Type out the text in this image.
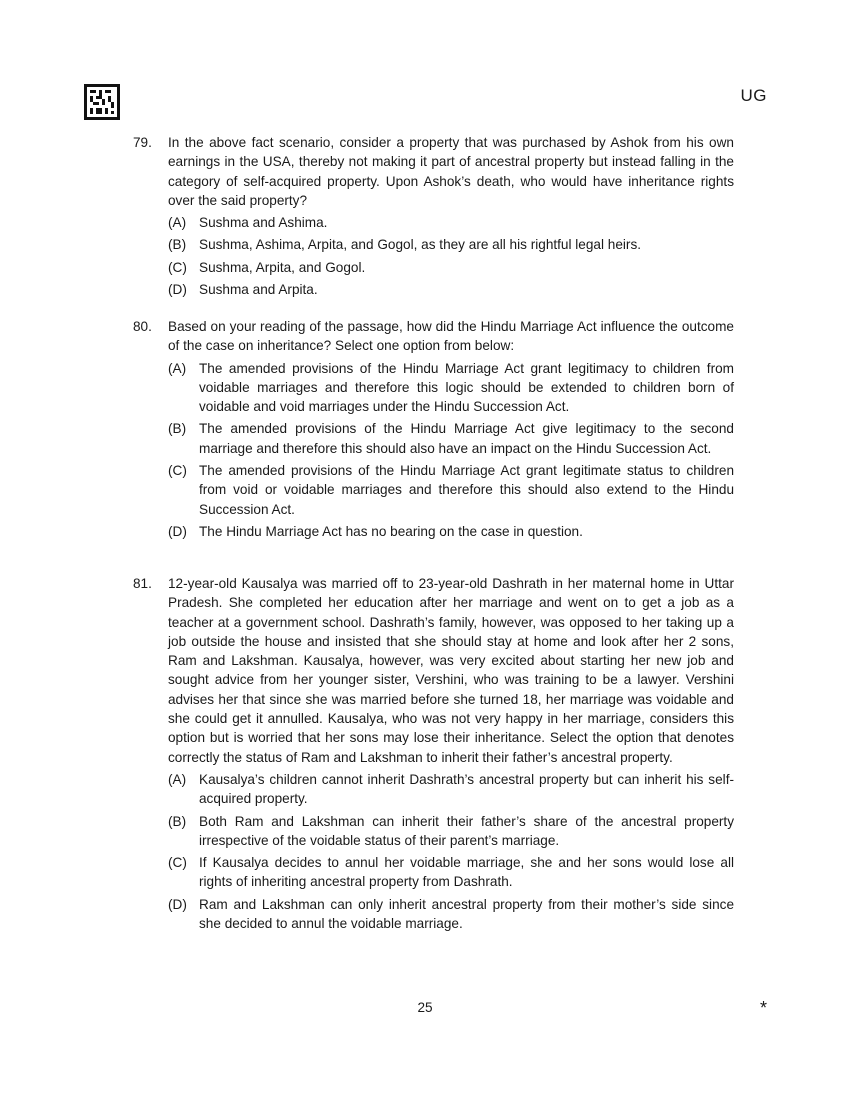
UG
79. In the above fact scenario, consider a property that was purchased by Ashok from his own earnings in the USA, thereby not making it part of ancestral property but instead falling in the category of self-acquired property. Upon Ashok’s death, who would have inheritance rights over the said property?
(A) Sushma and Ashima.
(B) Sushma, Ashima, Arpita, and Gogol, as they are all his rightful legal heirs.
(C) Sushma, Arpita, and Gogol.
(D) Sushma and Arpita.
80. Based on your reading of the passage, how did the Hindu Marriage Act influence the outcome of the case on inheritance? Select one option from below:
(A) The amended provisions of the Hindu Marriage Act grant legitimacy to children from voidable marriages and therefore this logic should be extended to children born of voidable and void marriages under the Hindu Succession Act.
(B) The amended provisions of the Hindu Marriage Act give legitimacy to the second marriage and therefore this should also have an impact on the Hindu Succession Act.
(C) The amended provisions of the Hindu Marriage Act grant legitimate status to children from void or voidable marriages and therefore this should also extend to the Hindu Succession Act.
(D) The Hindu Marriage Act has no bearing on the case in question.
81. 12-year-old Kausalya was married off to 23-year-old Dashrath in her maternal home in Uttar Pradesh. She completed her education after her marriage and went on to get a job as a teacher at a government school. Dashrath’s family, however, was opposed to her taking up a job outside the house and insisted that she should stay at home and look after her 2 sons, Ram and Lakshman. Kausalya, however, was very excited about starting her new job and sought advice from her younger sister, Vershini, who was training to be a lawyer. Vershini advises her that since she was married before she turned 18, her marriage was voidable and she could get it annulled. Kausalya, who was not very happy in her marriage, considers this option but is worried that her sons may lose their inheritance. Select the option that denotes correctly the status of Ram and Lakshman to inherit their father’s ancestral property.
(A) Kausalya’s children cannot inherit Dashrath’s ancestral property but can inherit his self-acquired property.
(B) Both Ram and Lakshman can inherit their father’s share of the ancestral property irrespective of the voidable status of their parent’s marriage.
(C) If Kausalya decides to annul her voidable marriage, she and her sons would lose all rights of inheriting ancestral property from Dashrath.
(D) Ram and Lakshman can only inherit ancestral property from their mother’s side since she decided to annul the voidable marriage.
25	*
